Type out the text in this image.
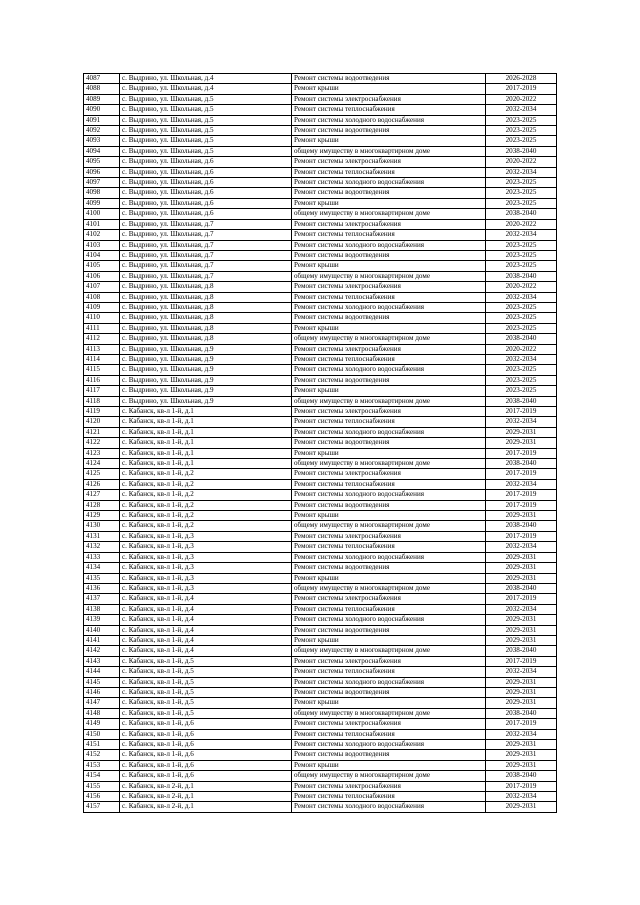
4087	с. Выдрино, ул. Школьная, д.4	Ремонт системы водоотведения	2026-2028
4088	с. Выдрино, ул. Школьная, д.4	Ремонт крыши	2017-2019
4089	с. Выдрино, ул. Школьная, д.5	Ремонт системы электроснабжения	2020-2022
4090	с. Выдрино, ул. Школьная, д.5	Ремонт системы теплоснабжения	2032-2034
4091	с. Выдрино, ул. Школьная, д.5	Ремонт системы холодного водоснабжения	2023-2025
4092	с. Выдрино, ул. Школьная, д.5	Ремонт системы водоотведения	2023-2025
4093	с. Выдрино, ул. Школьная, д.5	Ремонт крыши	2023-2025
4094	с. Выдрино, ул. Школьная, д.5	общему имуществу в многоквартирном доме	2038-2040
4095	с. Выдрино, ул. Школьная, д.6	Ремонт системы электроснабжения	2020-2022
4096	с. Выдрино, ул. Школьная, д.6	Ремонт системы теплоснабжения	2032-2034
4097	с. Выдрино, ул. Школьная, д.6	Ремонт системы холодного водоснабжения	2023-2025
4098	с. Выдрино, ул. Школьная, д.6	Ремонт системы водоотведения	2023-2025
4099	с. Выдрино, ул. Школьная, д.6	Ремонт крыши	2023-2025
4100	с. Выдрино, ул. Школьная, д.6	общему имуществу в многоквартирном доме	2038-2040
4101	с. Выдрино, ул. Школьная, д.7	Ремонт системы электроснабжения	2020-2022
4102	с. Выдрино, ул. Школьная, д.7	Ремонт системы теплоснабжения	2032-2034
4103	с. Выдрино, ул. Школьная, д.7	Ремонт системы холодного водоснабжения	2023-2025
4104	с. Выдрино, ул. Школьная, д.7	Ремонт системы водоотведения	2023-2025
4105	с. Выдрино, ул. Школьная, д.7	Ремонт крыши	2023-2025
4106	с. Выдрино, ул. Школьная, д.7	общему имуществу в многоквартирном доме	2038-2040
4107	с. Выдрино, ул. Школьная, д.8	Ремонт системы электроснабжения	2020-2022
4108	с. Выдрино, ул. Школьная, д.8	Ремонт системы теплоснабжения	2032-2034
4109	с. Выдрино, ул. Школьная, д.8	Ремонт системы холодного водоснабжения	2023-2025
4110	с. Выдрино, ул. Школьная, д.8	Ремонт системы водоотведения	2023-2025
4111	с. Выдрино, ул. Школьная, д.8	Ремонт крыши	2023-2025
4112	с. Выдрино, ул. Школьная, д.8	общему имуществу в многоквартирном доме	2038-2040
4113	с. Выдрино, ул. Школьная, д.9	Ремонт системы электроснабжения	2020-2022
4114	с. Выдрино, ул. Школьная, д.9	Ремонт системы теплоснабжения	2032-2034
4115	с. Выдрино, ул. Школьная, д.9	Ремонт системы холодного водоснабжения	2023-2025
4116	с. Выдрино, ул. Школьная, д.9	Ремонт системы водоотведения	2023-2025
4117	с. Выдрино, ул. Школьная, д.9	Ремонт крыши	2023-2025
4118	с. Выдрино, ул. Школьная, д.9	общему имуществу в многоквартирном доме	2038-2040
4119	с. Кабанск, кв-л 1-й, д.1	Ремонт системы электроснабжения	2017-2019
4120	с. Кабанск, кв-л 1-й, д.1	Ремонт системы теплоснабжения	2032-2034
4121	с. Кабанск, кв-л 1-й, д.1	Ремонт системы холодного водоснабжения	2029-2031
4122	с. Кабанск, кв-л 1-й, д.1	Ремонт системы водоотведения	2029-2031
4123	с. Кабанск, кв-л 1-й, д.1	Ремонт крыши	2017-2019
4124	с. Кабанск, кв-л 1-й, д.1	общему имуществу в многоквартирном доме	2038-2040
4125	с. Кабанск, кв-л 1-й, д.2	Ремонт системы электроснабжения	2017-2019
4126	с. Кабанск, кв-л 1-й, д.2	Ремонт системы теплоснабжения	2032-2034
4127	с. Кабанск, кв-л 1-й, д.2	Ремонт системы холодного водоснабжения	2017-2019
4128	с. Кабанск, кв-л 1-й, д.2	Ремонт системы водоотведения	2017-2019
4129	с. Кабанск, кв-л 1-й, д.2	Ремонт крыши	2029-2031
4130	с. Кабанск, кв-л 1-й, д.2	общему имуществу в многоквартирном доме	2038-2040
4131	с. Кабанск, кв-л 1-й, д.3	Ремонт системы электроснабжения	2017-2019
4132	с. Кабанск, кв-л 1-й, д.3	Ремонт системы теплоснабжения	2032-2034
4133	с. Кабанск, кв-л 1-й, д.3	Ремонт системы холодного водоснабжения	2029-2031
4134	с. Кабанск, кв-л 1-й, д.3	Ремонт системы водоотведения	2029-2031
4135	с. Кабанск, кв-л 1-й, д.3	Ремонт крыши	2029-2031
4136	с. Кабанск, кв-л 1-й, д.3	общему имуществу в многоквартирном доме	2038-2040
4137	с. Кабанск, кв-л 1-й, д.4	Ремонт системы электроснабжения	2017-2019
4138	с. Кабанск, кв-л 1-й, д.4	Ремонт системы теплоснабжения	2032-2034
4139	с. Кабанск, кв-л 1-й, д.4	Ремонт системы холодного водоснабжения	2029-2031
4140	с. Кабанск, кв-л 1-й, д.4	Ремонт системы водоотведения	2029-2031
4141	с. Кабанск, кв-л 1-й, д.4	Ремонт крыши	2029-2031
4142	с. Кабанск, кв-л 1-й, д.4	общему имуществу в многоквартирном доме	2038-2040
4143	с. Кабанск, кв-л 1-й, д.5	Ремонт системы электроснабжения	2017-2019
4144	с. Кабанск, кв-л 1-й, д.5	Ремонт системы теплоснабжения	2032-2034
4145	с. Кабанск, кв-л 1-й, д.5	Ремонт системы холодного водоснабжения	2029-2031
4146	с. Кабанск, кв-л 1-й, д.5	Ремонт системы водоотведения	2029-2031
4147	с. Кабанск, кв-л 1-й, д.5	Ремонт крыши	2029-2031
4148	с. Кабанск, кв-л 1-й, д.5	общему имуществу в многоквартирном доме	2038-2040
4149	с. Кабанск, кв-л 1-й, д.6	Ремонт системы электроснабжения	2017-2019
4150	с. Кабанск, кв-л 1-й, д.6	Ремонт системы теплоснабжения	2032-2034
4151	с. Кабанск, кв-л 1-й, д.6	Ремонт системы холодного водоснабжения	2029-2031
4152	с. Кабанск, кв-л 1-й, д.6	Ремонт системы водоотведения	2029-2031
4153	с. Кабанск, кв-л 1-й, д.6	Ремонт крыши	2029-2031
4154	с. Кабанск, кв-л 1-й, д.6	общему имуществу в многоквартирном доме	2038-2040
4155	с. Кабанск, кв-л 2-й, д.1	Ремонт системы электроснабжения	2017-2019
4156	с. Кабанск, кв-л 2-й, д.1	Ремонт системы теплоснабжения	2032-2034
4157	с. Кабанск, кв-л 2-й, д.1	Ремонт системы холодного водоснабжения	2029-2031
